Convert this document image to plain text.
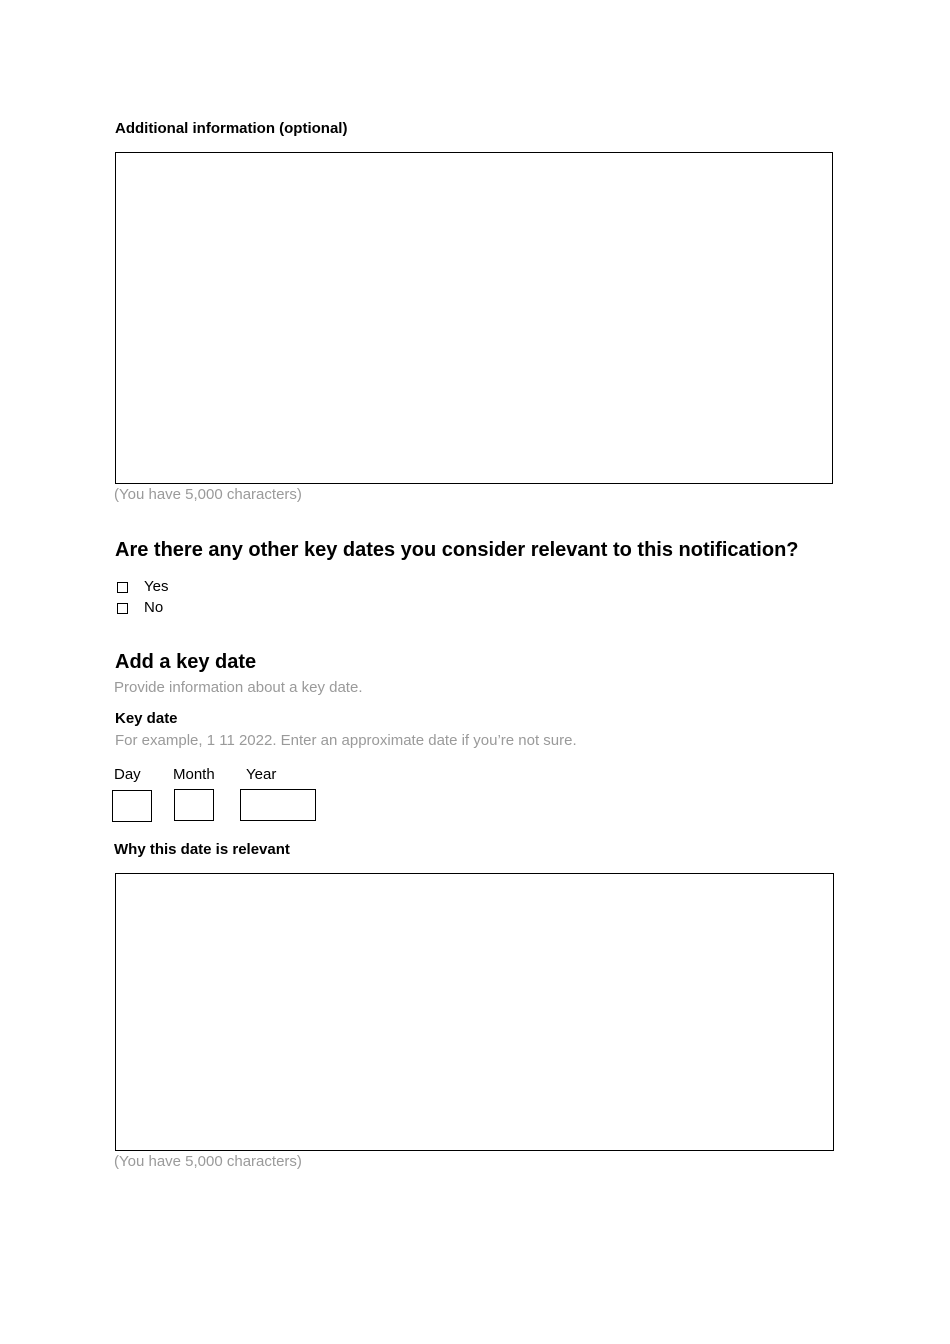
Additional information (optional)
(You have 5,000 characters)
Are there any other key dates you consider relevant to this notification?
Yes
No
Add a key date
Provide information about a key date.
Key date
For example, 1 11 2022. Enter an approximate date if you’re not sure.
Day Month Year
Why this date is relevant
(You have 5,000 characters)
